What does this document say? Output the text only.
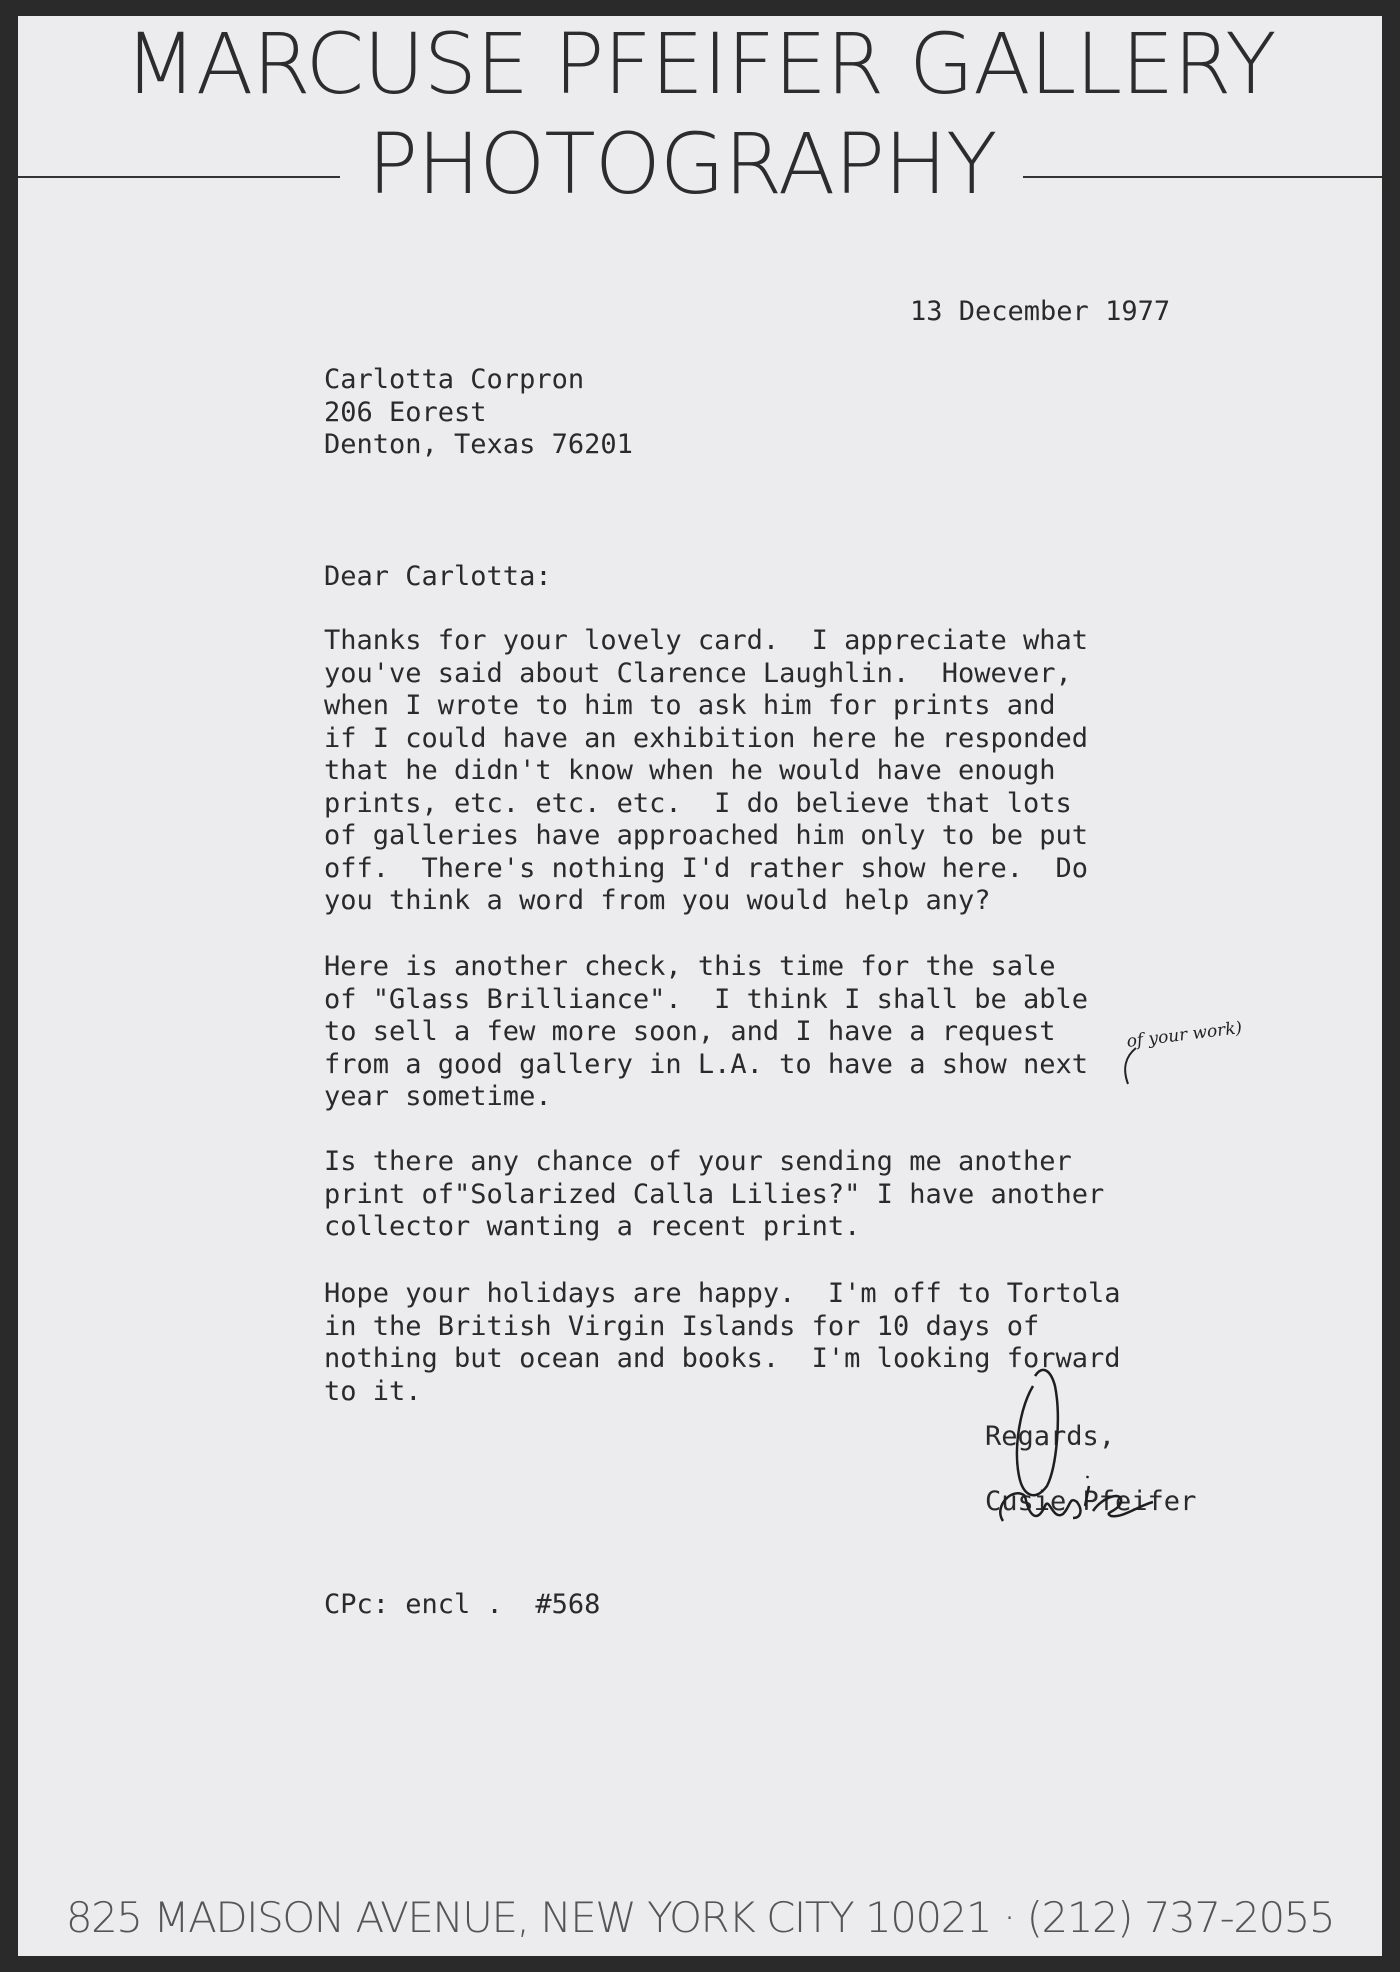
MARCUSE PFEIFER GALLERY
PHOTOGRAPHY
13 December 1977
Carlotta Corpron
206 Eorest
Denton, Texas 76201
Dear Carlotta:
Thanks for your lovely card.  I appreciate what
you've said about Clarence Laughlin.  However,
when I wrote to him to ask him for prints and
if I could have an exhibition here he responded
that he didn't know when he would have enough
prints, etc. etc. etc.  I do believe that lots
of galleries have approached him only to be put
off.  There's nothing I'd rather show here.  Do
you think a word from you would help any?
Here is another check, this time for the sale
of "Glass Brilliance".  I think I shall be able
to sell a few more soon, and I have a request
from a good gallery in L.A. to have a show next
year sometime.
of your work)
Is there any chance of your sending me another
print of"Solarized Calla Lilies?" I have another
collector wanting a recent print.
Hope your holidays are happy.  I'm off to Tortola
in the British Virgin Islands for 10 days of
nothing but ocean and books.  I'm looking forward
to it.
Regards,
Cusie Pfeifer
CPc: encl .  #568
825 MADISON AVENUE, NEW YORK CITY 10021 · (212) 737-2055
